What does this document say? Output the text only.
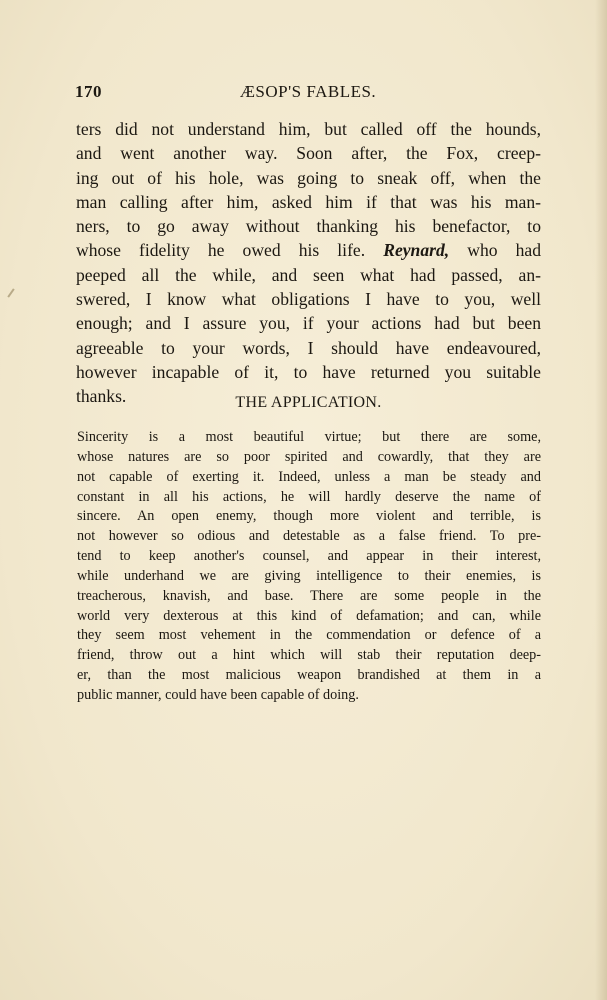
170	ÆSOP'S FABLES.
ters did not understand him, but called off the hounds,
and went another way. Soon after, the Fox, creep-
ing out of his hole, was going to sneak off, when the
man calling after him, asked him if that was his man-
ners, to go away without thanking his benefactor, to
whose fidelity he owed his life. Reynard, who had
peeped all the while, and seen what had passed, an-
swered, I know what obligations I have to you, well
enough; and I assure you, if your actions had but been
agreeable to your words, I should have endeavoured,
however incapable of it, to have returned you suitable
thanks.	THE APPLICATION.
Sincerity is a most beautiful virtue; but there are some,
whose natures are so poor spirited and cowardly, that they are
not capable of exerting it. Indeed, unless a man be steady and
constant in all his actions, he will hardly deserve the name of
sincere. An open enemy, though more violent and terrible, is
not however so odious and detestable as a false friend. To pre-
tend to keep another's counsel, and appear in their interest,
while underhand we are giving intelligence to their enemies, is
treacherous, knavish, and base. There are some people in the
world very dexterous at this kind of defamation; and can, while
they seem most vehement in the commendation or defence of a
friend, throw out a hint which will stab their reputation deep-
er, than the most malicious weapon brandished at them in a
public manner, could have been capable of doing.
